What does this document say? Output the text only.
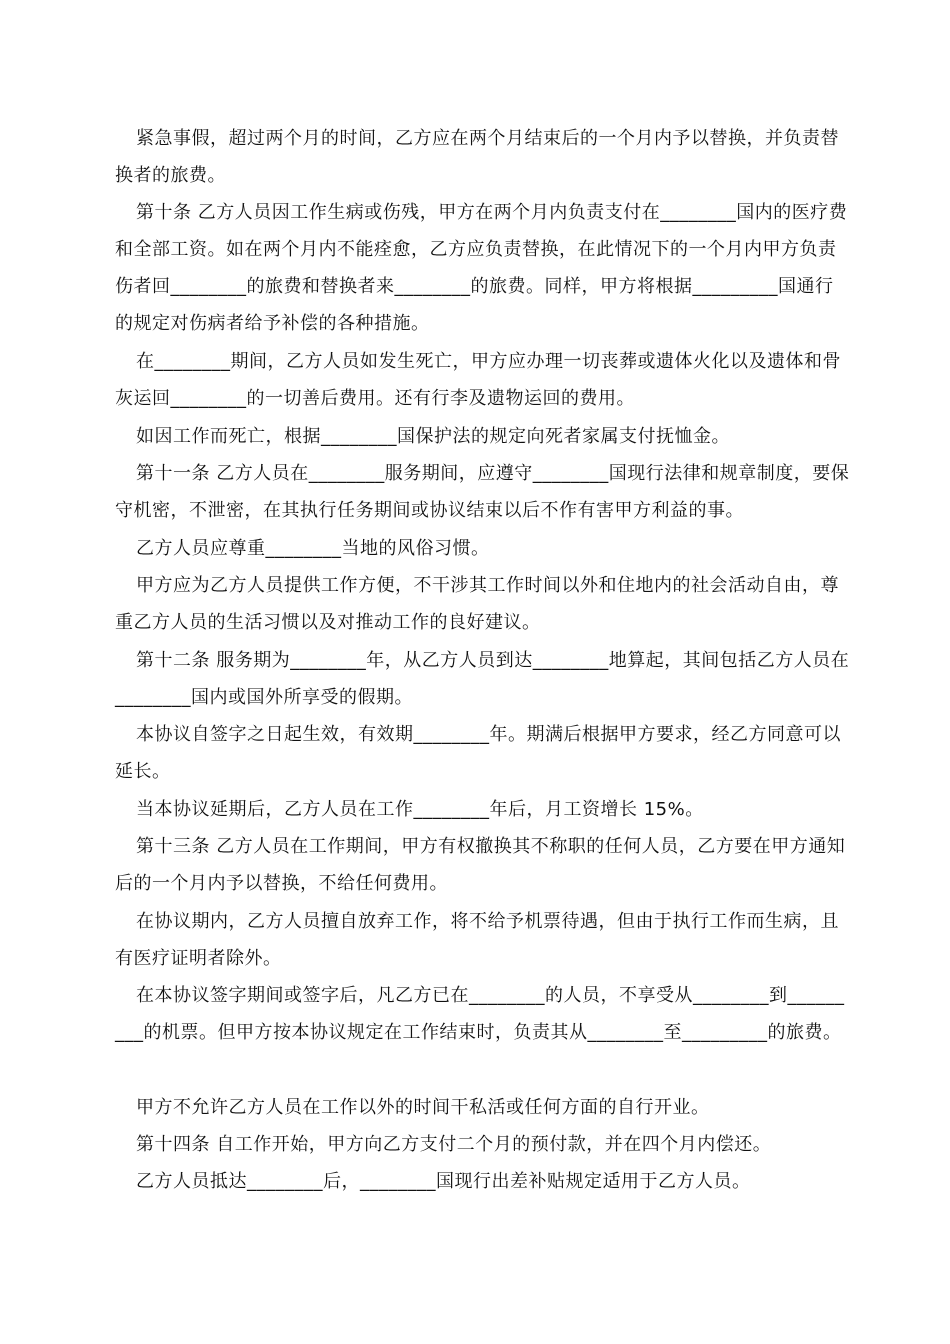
紧急事假，超过两个月的时间，乙方应在两个月结束后的一个月内予以替换，并负责替换者的旅费。

第十条 乙方人员因工作生病或伤残，甲方在两个月内负责支付在________国内的医疗费和全部工资。如在两个月内不能痊愈，乙方应负责替换，在此情况下的一个月内甲方负责伤者回________的旅费和替换者来________的旅费。同样，甲方将根据_________国通行的规定对伤病者给予补偿的各种措施。

在________期间，乙方人员如发生死亡，甲方应办理一切丧葬或遗体火化以及遗体和骨灰运回________的一切善后费用。还有行李及遗物运回的费用。

如因工作而死亡，根据________国保护法的规定向死者家属支付抚恤金。

第十一条 乙方人员在________服务期间，应遵守________国现行法律和规章制度，要保守机密，不泄密，在其执行任务期间或协议结束以后不作有害甲方利益的事。

乙方人员应尊重________当地的风俗习惯。

甲方应为乙方人员提供工作方便，不干涉其工作时间以外和住地内的社会活动自由，尊重乙方人员的生活习惯以及对推动工作的良好建议。

第十二条 服务期为________年，从乙方人员到达________地算起，其间包括乙方人员在________国内或国外所享受的假期。

本协议自签字之日起生效，有效期________年。期满后根据甲方要求，经乙方同意可以延长。

当本协议延期后，乙方人员在工作________年后，月工资增长 15%。

第十三条 乙方人员在工作期间，甲方有权撤换其不称职的任何人员，乙方要在甲方通知后的一个月内予以替换，不给任何费用。

在协议期内，乙方人员擅自放弃工作，将不给予机票待遇，但由于执行工作而生病，且有医疗证明者除外。

在本协议签字期间或签字后，凡乙方已在________的人员，不享受从________到_________的机票。但甲方按本协议规定在工作结束时，负责其从________至_________的旅费。

甲方不允许乙方人员在工作以外的时间干私活或任何方面的自行开业。

第十四条 自工作开始，甲方向乙方支付二个月的预付款，并在四个月内偿还。

乙方人员抵达________后，________国现行出差补贴规定适用于乙方人员。
